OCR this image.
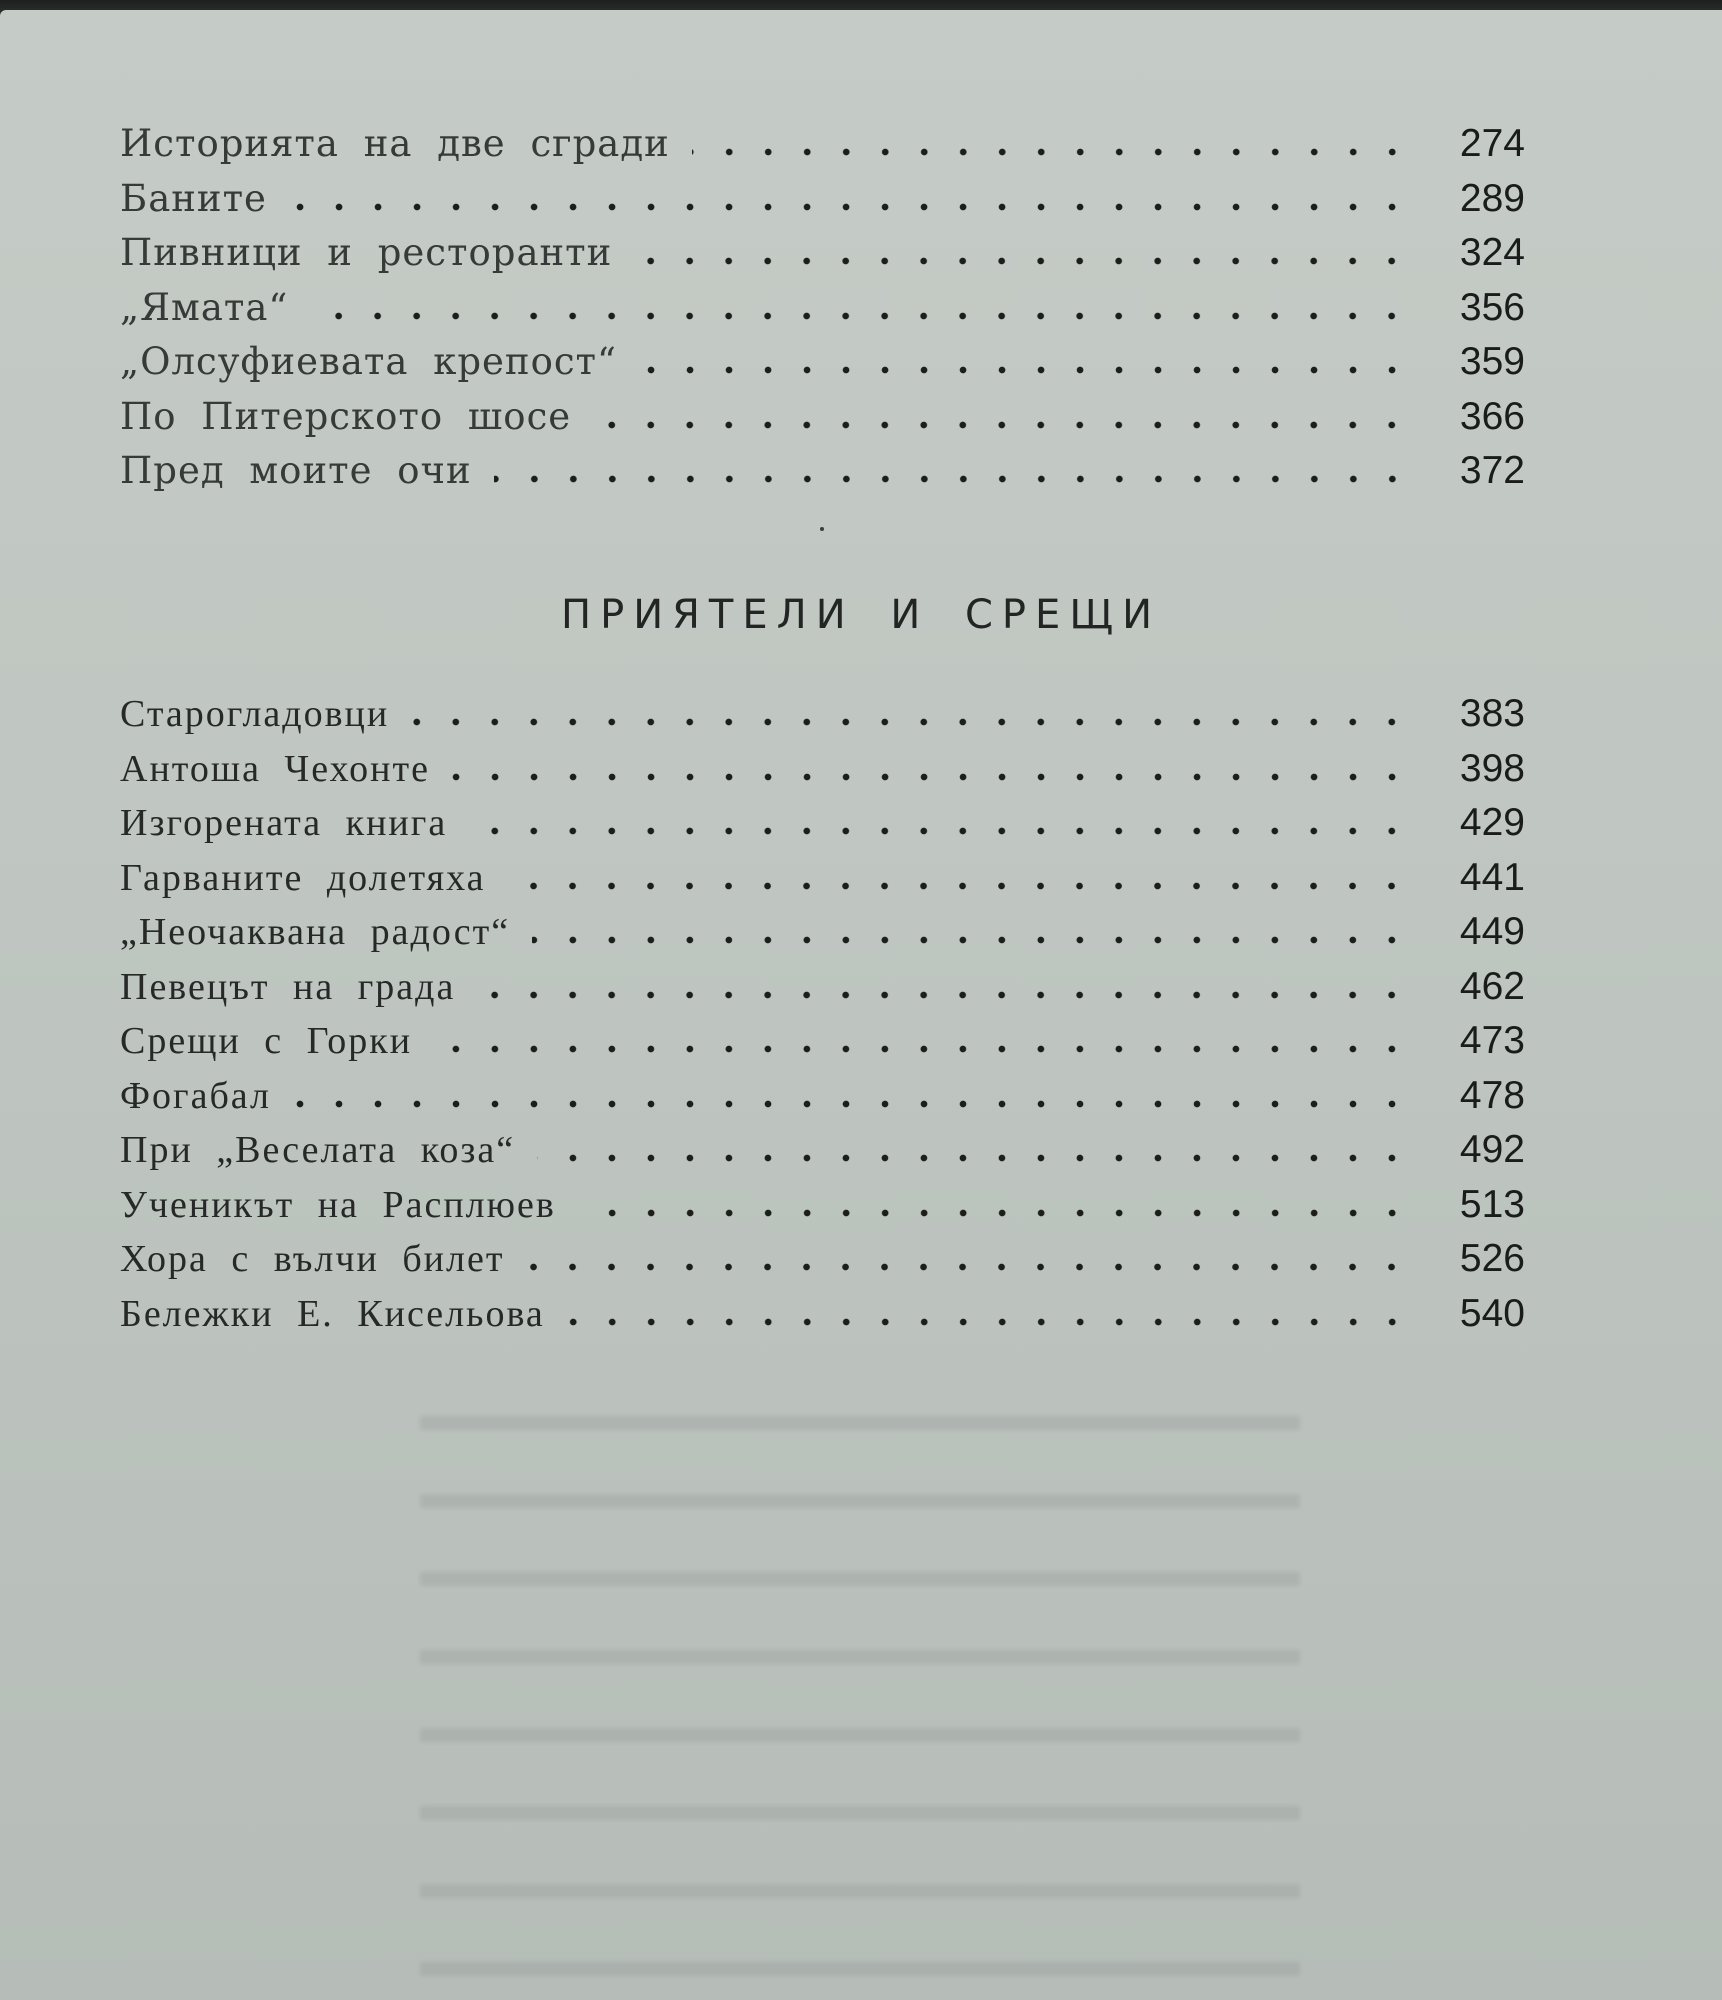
Историята на две сгради	274
Баните	289
Пивници и ресторанти	324
„Ямата“	356
„Олсуфиевата крепост“	359
По Питерското шосе	366
Пред моите очи	372
ПРИЯТЕЛИ И СРЕЩИ
Старогладовци	383
Антоша Чехонте	398
Изгорената книга	429
Гарваните долетяха	441
„Неочаквана радост“	449
Певецът на града	462
Срещи с Горки	473
Фогабал	478
При „Веселата коза“	492
Ученикът на Расплюев	513
Хора с вълчи билет	526
Бележки Е. Кисельова	540
